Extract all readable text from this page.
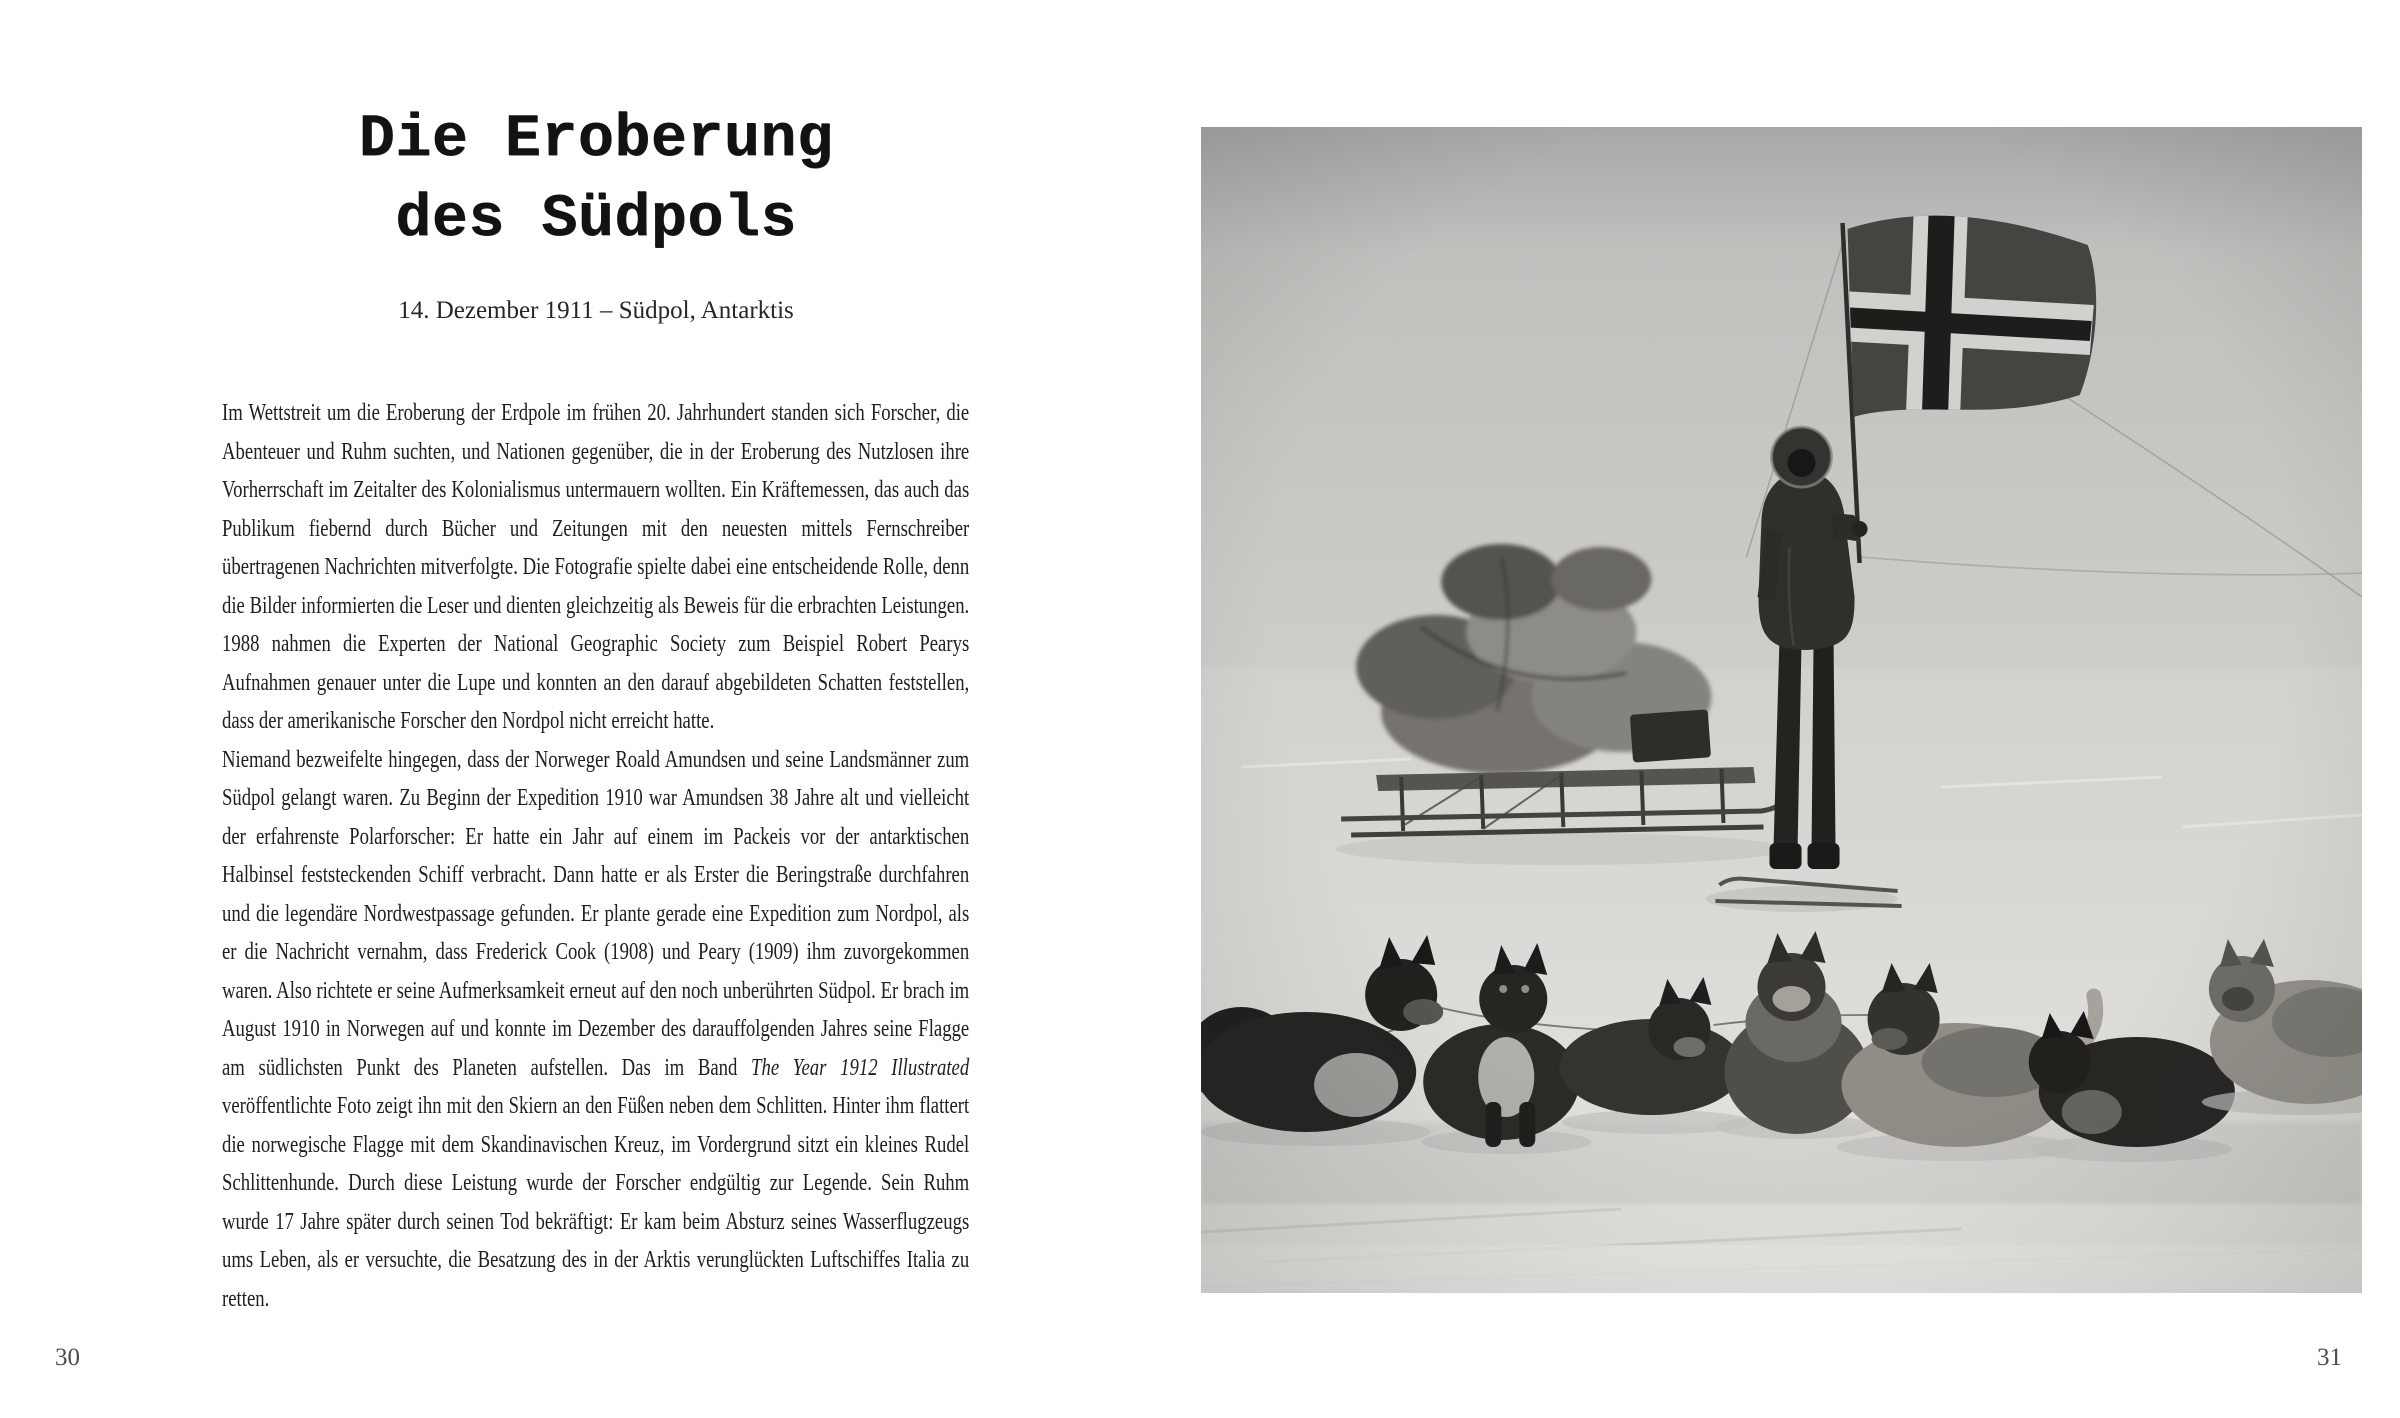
Die Eroberung
des Südpols
14. Dezember 1911 – Südpol, Antarktis

Im Wettstreit um die Eroberung der Erdpole im frühen 20. Jahrhundert standen sich Forscher, die Abenteuer und Ruhm suchten, und Nationen gegenüber, die in der Eroberung des Nutzlosen ihre Vorherrschaft im Zeitalter des Kolonialismus untermauern wollten. Ein Kräftemessen, das auch das Publikum fiebernd durch Bücher und Zeitungen mit den neuesten mittels Fernschreiber übertragenen Nachrichten mitverfolgte. Die Fotografie spielte dabei eine entscheidende Rolle, denn die Bilder informierten die Leser und dienten gleichzeitig als Beweis für die erbrachten Leistungen. 1988 nahmen die Experten der National Geographic Society zum Beispiel Robert Pearys Aufnahmen genauer unter die Lupe und konnten an den darauf abgebildeten Schatten feststellen, dass der amerikanische Forscher den Nordpol nicht erreicht hatte.

Niemand bezweifelte hingegen, dass der Norweger Roald Amundsen und seine Landsmänner zum Südpol gelangt waren. Zu Beginn der Expedition 1910 war Amundsen 38 Jahre alt und vielleicht der erfahrenste Polarforscher: Er hatte ein Jahr auf einem im Packeis vor der antarktischen Halbinsel feststeckenden Schiff verbracht. Dann hatte er als Erster die Beringstraße durchfahren und die legendäre Nordwestpassage gefunden. Er plante gerade eine Expedition zum Nordpol, als er die Nachricht vernahm, dass Frederick Cook (1908) und Peary (1909) ihm zuvorgekommen waren. Also richtete er seine Aufmerksamkeit erneut auf den noch unberührten Südpol. Er brach im August 1910 in Norwegen auf und konnte im Dezember des darauffolgenden Jahres seine Flagge am südlichsten Punkt des Planeten aufstellen. Das im Band The Year 1912 Illustrated veröffentlichte Foto zeigt ihn mit den Skiern an den Füßen neben dem Schlitten. Hinter ihm flattert die norwegische Flagge mit dem Skandinavischen Kreuz, im Vordergrund sitzt ein kleines Rudel Schlittenhunde. Durch diese Leistung wurde der Forscher endgültig zur Legende. Sein Ruhm wurde 17 Jahre später durch seinen Tod bekräftigt: Er kam beim Absturz seines Wasserflugzeugs ums Leben, als er versuchte, die Besatzung des in der Arktis verunglückten Luftschiffes Italia zu retten.

30	31
